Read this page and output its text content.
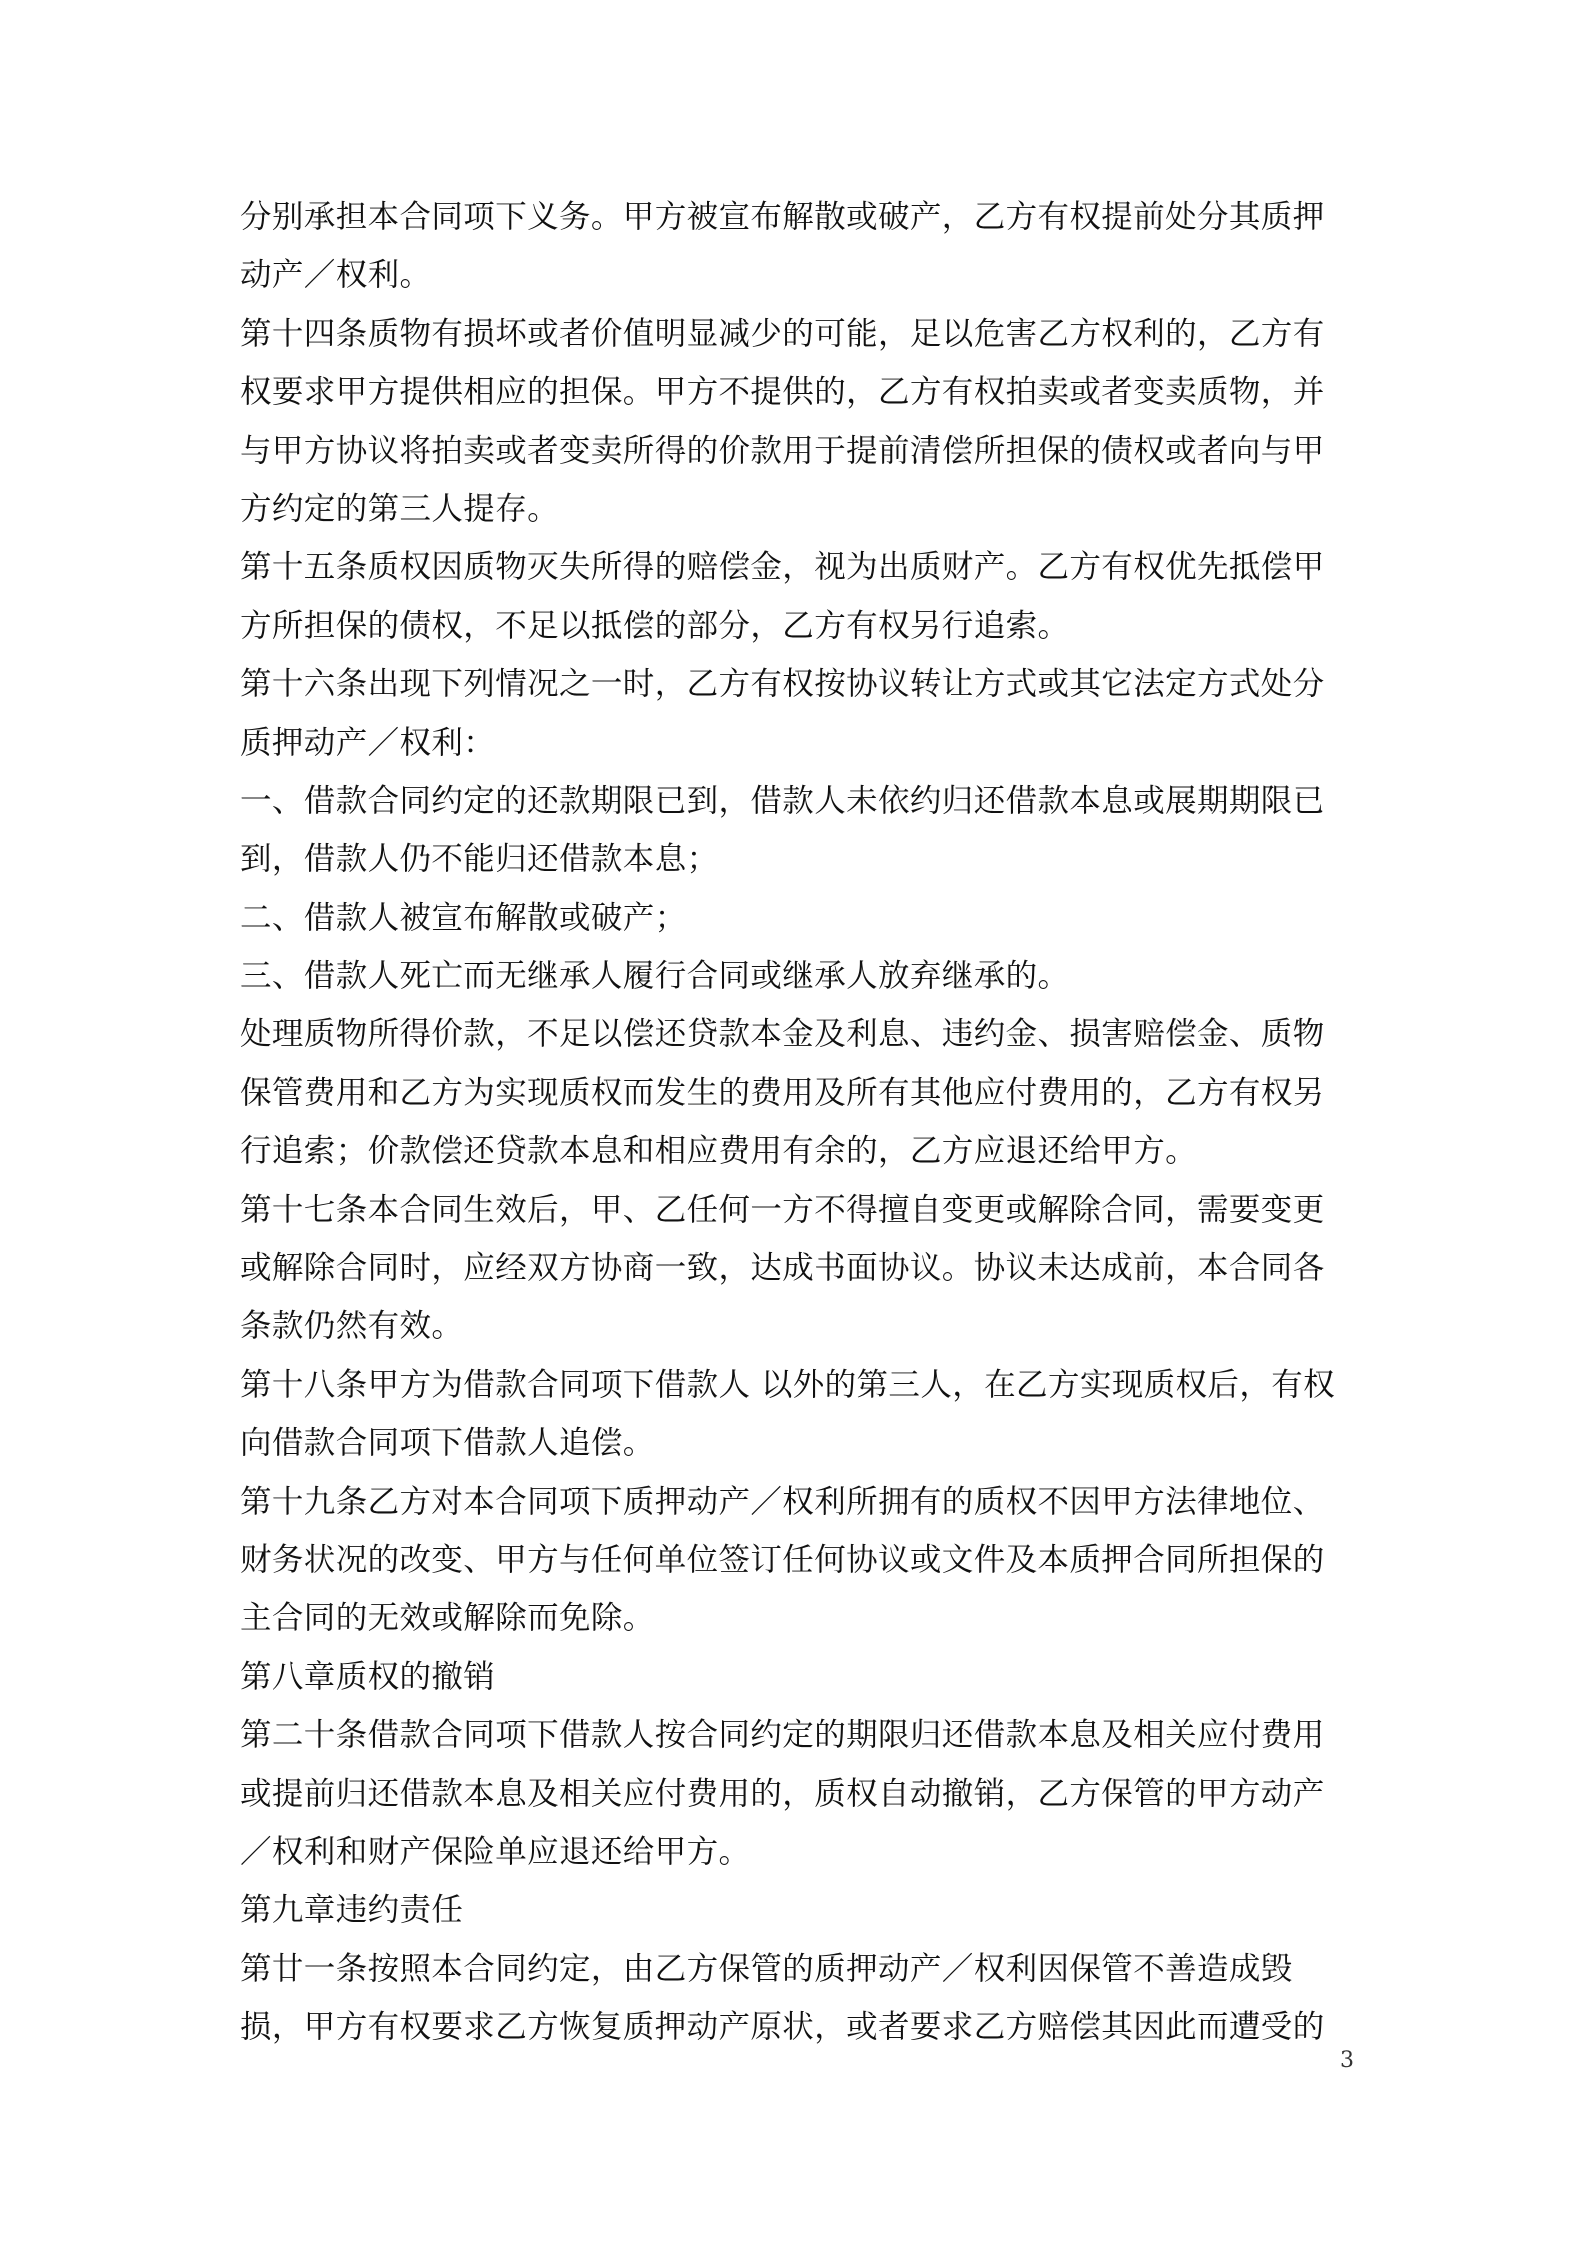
分别承担本合同项下义务。甲方被宣布解散或破产，乙方有权提前处分其质押
动产／权利。
第十四条质物有损坏或者价值明显减少的可能，足以危害乙方权利的，乙方有
权要求甲方提供相应的担保。甲方不提供的，乙方有权拍卖或者变卖质物，并
与甲方协议将拍卖或者变卖所得的价款用于提前清偿所担保的债权或者向与甲
方约定的第三人提存。
第十五条质权因质物灭失所得的赔偿金，视为出质财产。乙方有权优先抵偿甲
方所担保的债权，不足以抵偿的部分，乙方有权另行追索。
第十六条出现下列情况之一时，乙方有权按协议转让方式或其它法定方式处分
质押动产／权利：
一、借款合同约定的还款期限已到，借款人未依约归还借款本息或展期期限已
到，借款人仍不能归还借款本息；
二、借款人被宣布解散或破产；
三、借款人死亡而无继承人履行合同或继承人放弃继承的。
处理质物所得价款，不足以偿还贷款本金及利息、违约金、损害赔偿金、质物
保管费用和乙方为实现质权而发生的费用及所有其他应付费用的，乙方有权另
行追索；价款偿还贷款本息和相应费用有余的，乙方应退还给甲方。
第十七条本合同生效后，甲、乙任何一方不得擅自变更或解除合同，需要变更
或解除合同时，应经双方协商一致，达成书面协议。协议未达成前，本合同各
条款仍然有效。
第十八条甲方为借款合同项下借款人 以外的第三人，在乙方实现质权后，有权
向借款合同项下借款人追偿。
第十九条乙方对本合同项下质押动产／权利所拥有的质权不因甲方法律地位、
财务状况的改变、甲方与任何单位签订任何协议或文件及本质押合同所担保的
主合同的无效或解除而免除。
第八章质权的撤销
第二十条借款合同项下借款人按合同约定的期限归还借款本息及相关应付费用
或提前归还借款本息及相关应付费用的，质权自动撤销，乙方保管的甲方动产
／权利和财产保险单应退还给甲方。
第九章违约责任
第廿一条按照本合同约定，由乙方保管的质押动产／权利因保管不善造成毁
损，甲方有权要求乙方恢复质押动产原状，或者要求乙方赔偿其因此而遭受的
3
